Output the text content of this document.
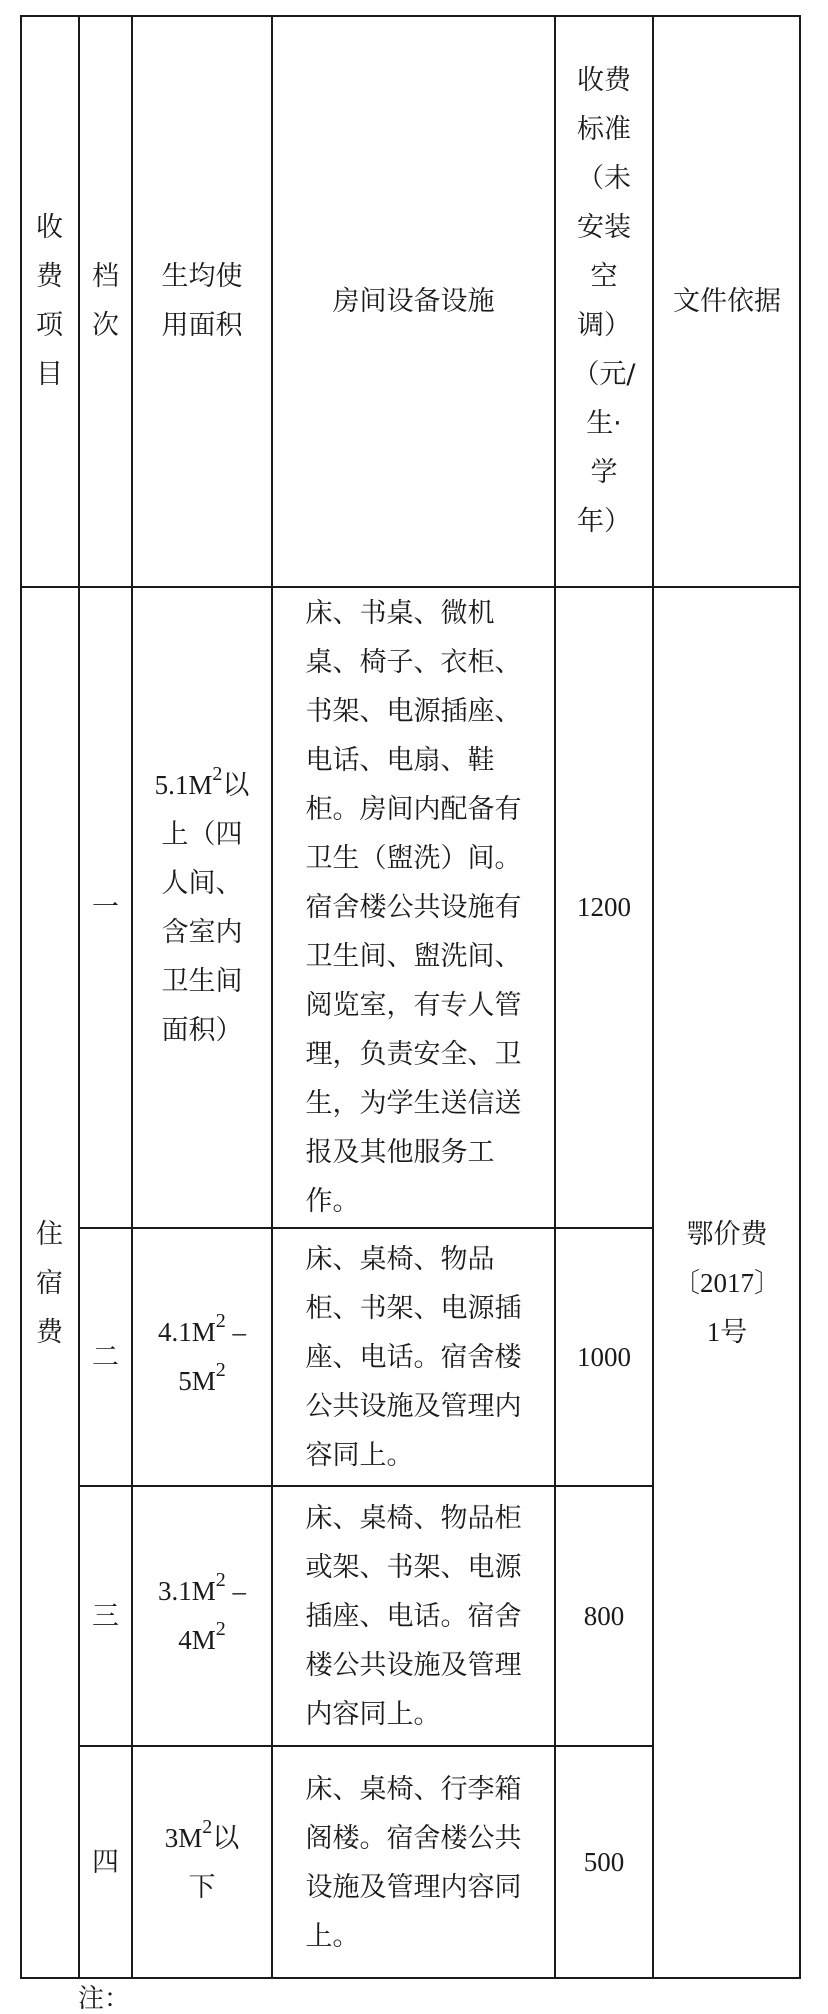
收
费
项
目
档
次
生均使
用面积
房间设备设施
收费
标准
（未
安装
空
调）
（元/
生·
学
年）
文件依据
住
宿
费
鄂价费
〔2017〕
1号
一
$5.1M^2$以
上（四
人间、
含室内
卫生间
面积）
床、书桌、微机
桌、椅子、衣柜、
书架、电源插座、
电话、电扇、鞋
柜。房间内配备有
卫生（盥洗）间。
宿舍楼公共设施有
卫生间、盥洗间、
阅览室，有专人管
理，负责安全、卫
生，为学生送信送
报及其他服务工
作。
1200
二
$4.1M^2$ –
$5M^2$
床、桌椅、物品
柜、书架、电源插
座、电话。宿舍楼
公共设施及管理内
容同上。
1000
三
$3.1M^2$ –
$4M^2$
床、桌椅、物品柜
或架、书架、电源
插座、电话。宿舍
楼公共设施及管理
内容同上。
800
四
$3M^2$以
下
床、桌椅、行李箱
阁楼。宿舍楼公共
设施及管理内容同
上。
500
注：
